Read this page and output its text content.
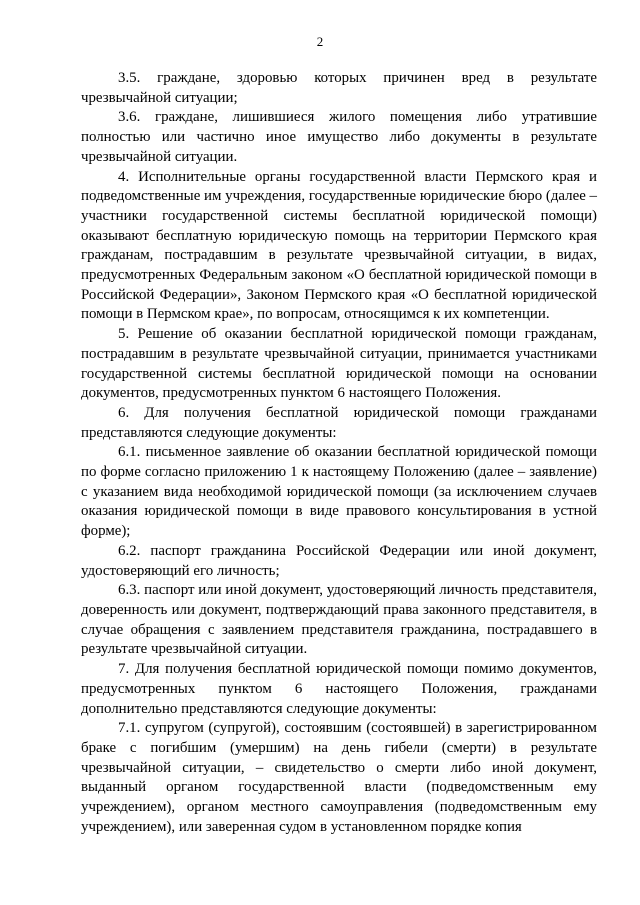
2

3.5. граждане, здоровью которых причинен вред в результате чрезвычайной ситуации;

3.6. граждане, лишившиеся жилого помещения либо утратившие полностью или частично иное имущество либо документы в результате чрезвычайной ситуации.

4. Исполнительные органы государственной власти Пермского края и подведомственные им учреждения, государственные юридические бюро (далее – участники государственной системы бесплатной юридической помощи) оказывают бесплатную юридическую помощь на территории Пермского края гражданам, пострадавшим в результате чрезвычайной ситуации, в видах, предусмотренных Федеральным законом «О бесплатной юридической помощи в Российской Федерации», Законом Пермского края «О бесплатной юридической помощи в Пермском крае», по вопросам, относящимся к их компетенции.

5. Решение об оказании бесплатной юридической помощи гражданам, пострадавшим в результате чрезвычайной ситуации, принимается участниками государственной системы бесплатной юридической помощи на основании документов, предусмотренных пунктом 6 настоящего Положения.

6. Для получения бесплатной юридической помощи гражданами представляются следующие документы:

6.1. письменное заявление об оказании бесплатной юридической помощи по форме согласно приложению 1 к настоящему Положению (далее – заявление) с указанием вида необходимой юридической помощи (за исключением случаев оказания юридической помощи в виде правового консультирования в устной форме);

6.2. паспорт гражданина Российской Федерации или иной документ, удостоверяющий его личность;

6.3. паспорт или иной документ, удостоверяющий личность представителя, доверенность или документ, подтверждающий права законного представителя, в случае обращения с заявлением представителя гражданина, пострадавшего в результате чрезвычайной ситуации.

7. Для получения бесплатной юридической помощи помимо документов, предусмотренных пунктом 6 настоящего Положения, гражданами дополнительно представляются следующие документы:

7.1. супругом (супругой), состоявшим (состоявшей) в зарегистрированном браке с погибшим (умершим) на день гибели (смерти) в результате чрезвычайной ситуации, – свидетельство о смерти либо иной документ, выданный органом государственной власти (подведомственным ему учреждением), органом местного самоуправления (подведомственным ему учреждением), или заверенная судом в установленном порядке копия
